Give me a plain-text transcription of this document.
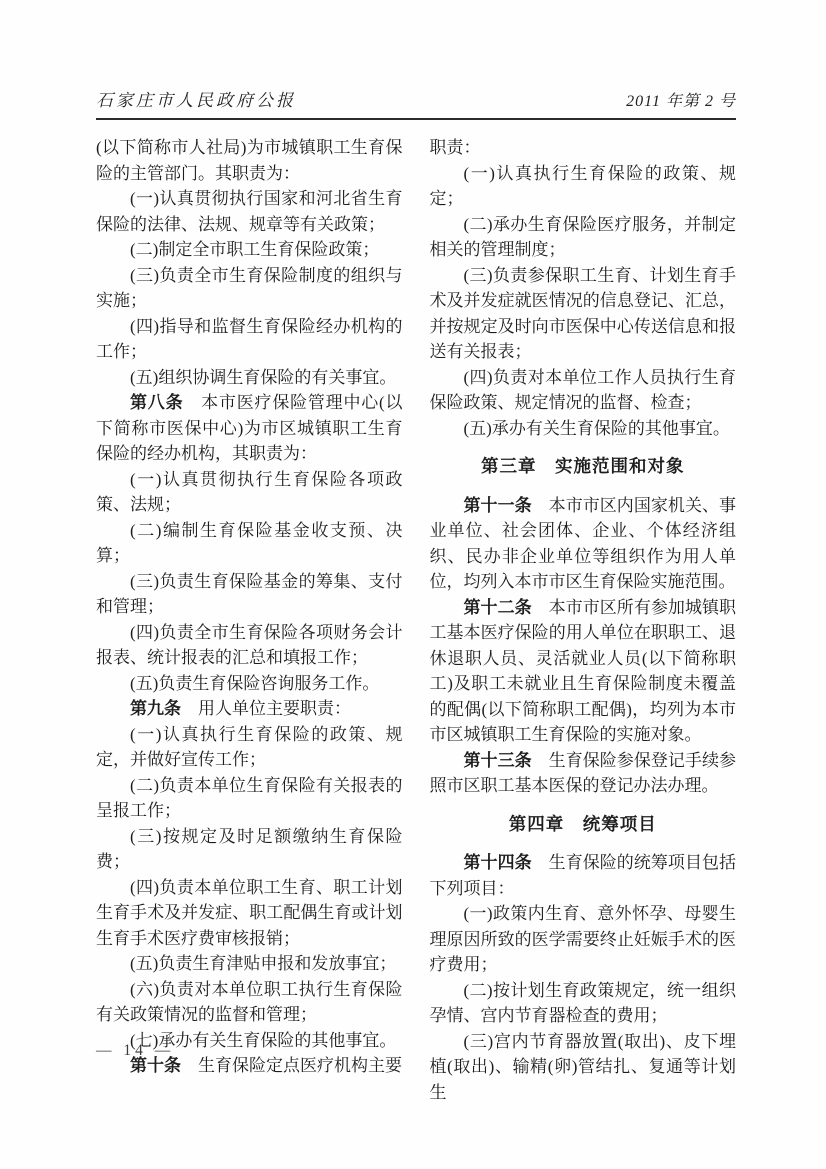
石家庄市人民政府公报	2011 年第 2 号

(以下简称市人社局)为市城镇职工生育保险的主管部门。其职责为：

(一)认真贯彻执行国家和河北省生育保险的法律、法规、规章等有关政策；

(二)制定全市职工生育保险政策；

(三)负责全市生育保险制度的组织与实施；

(四)指导和监督生育保险经办机构的工作；

(五)组织协调生育保险的有关事宜。

第八条　本市医疗保险管理中心(以下简称市医保中心)为市区城镇职工生育保险的经办机构，其职责为：

(一)认真贯彻执行生育保险各项政策、法规；

(二)编制生育保险基金收支预、决算；

(三)负责生育保险基金的筹集、支付和管理；

(四)负责全市生育保险各项财务会计报表、统计报表的汇总和填报工作；

(五)负责生育保险咨询服务工作。

第九条　用人单位主要职责：

(一)认真执行生育保险的政策、规定，并做好宣传工作；

(二)负责本单位生育保险有关报表的呈报工作；

(三)按规定及时足额缴纳生育保险费；

(四)负责本单位职工生育、职工计划生育手术及并发症、职工配偶生育或计划生育手术医疗费审核报销；

(五)负责生育津贴申报和发放事宜；

(六)负责对本单位职工执行生育保险有关政策情况的监督和管理；

(七)承办有关生育保险的其他事宜。

第十条　生育保险定点医疗机构主要

职责：

(一)认真执行生育保险的政策、规定；

(二)承办生育保险医疗服务，并制定相关的管理制度；

(三)负责参保职工生育、计划生育手术及并发症就医情况的信息登记、汇总，并按规定及时向市医保中心传送信息和报送有关报表；

(四)负责对本单位工作人员执行生育保险政策、规定情况的监督、检查；

(五)承办有关生育保险的其他事宜。

第三章　实施范围和对象

第十一条　本市市区内国家机关、事业单位、社会团体、企业、个体经济组织、民办非企业单位等组织作为用人单位，均列入本市市区生育保险实施范围。

第十二条　本市市区所有参加城镇职工基本医疗保险的用人单位在职职工、退休退职人员、灵活就业人员(以下简称职工)及职工未就业且生育保险制度未覆盖的配偶(以下简称职工配偶)，均列为本市市区城镇职工生育保险的实施对象。

第十三条　生育保险参保登记手续参照市区职工基本医保的登记办法办理。

第四章　统筹项目

第十四条　生育保险的统筹项目包括下列项目：

(一)政策内生育、意外怀孕、母婴生理原因所致的医学需要终止妊娠手术的医疗费用；

(二)按计划生育政策规定，统一组织孕情、宫内节育器检查的费用；

(三)宫内节育器放置(取出)、皮下埋植(取出)、输精(卵)管结扎、复通等计划生

— 14 —
